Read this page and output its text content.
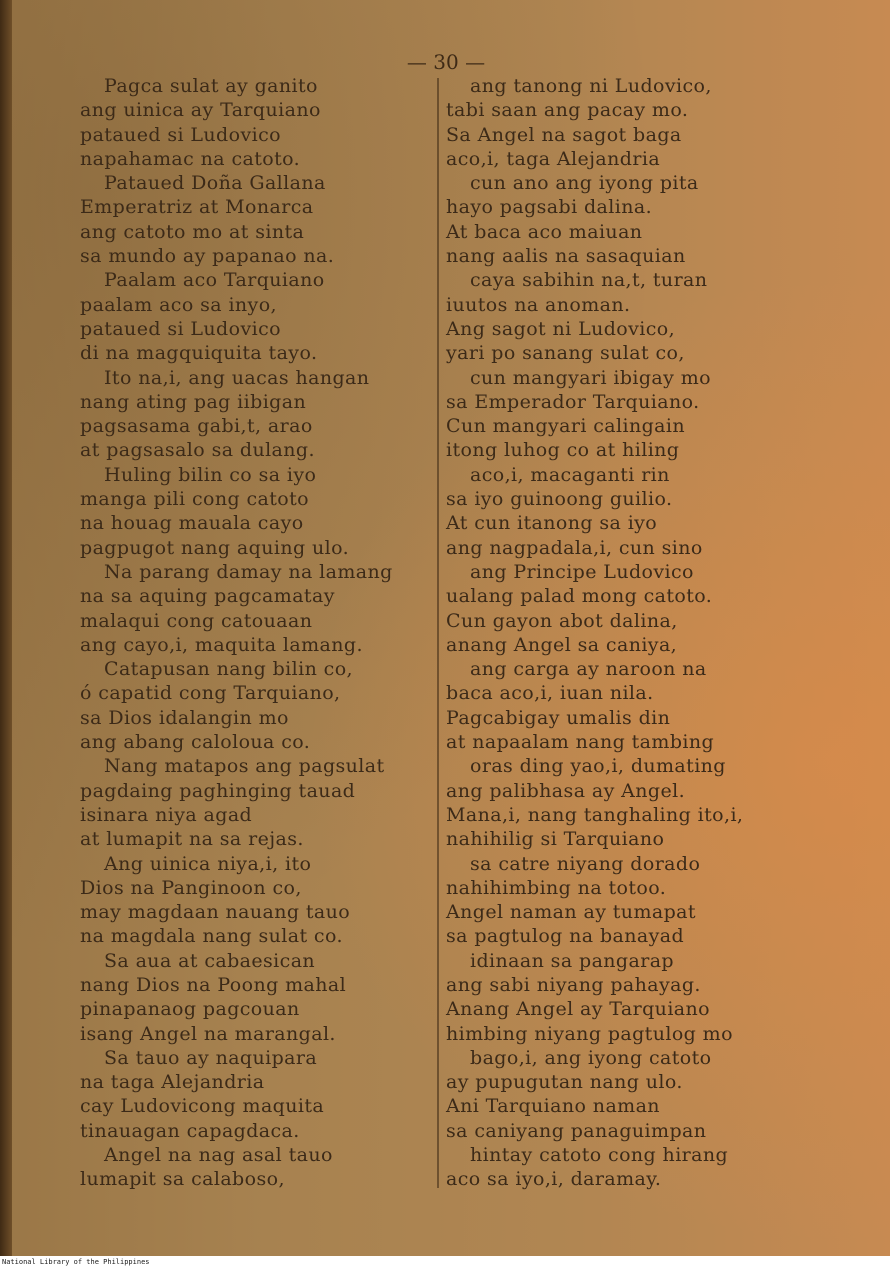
— 30 —
Pagca sulat ay ganito
ang uinica ay Tarquiano
pataued si Ludovico
napahamac na catoto.
Pataued Doña Gallana
Emperatriz at Monarca
ang catoto mo at sinta
sa mundo ay papanao na.
Paalam aco Tarquiano
paalam aco sa inyo,
pataued si Ludovico
di na magquiquita tayo.
Ito na,i, ang uacas hangan
nang ating pag iibigan
pagsasama gabi,t, arao
at pagsasalo sa dulang.
Huling bilin co sa iyo
manga pili cong catoto
na houag mauala cayo
pagpugot nang aquing ulo.
Na parang damay na lamang
na sa aquing pagcamatay
malaqui cong catouaan
ang cayo,i, maquita lamang.
Catapusan nang bilin co,
ó capatid cong Tarquiano,
sa Dios idalangin mo
ang abang caloloua co.
Nang matapos ang pagsulat
pagdaing paghinging tauad
isinara niya agad
at lumapit na sa rejas.
Ang uinica niya,i, ito
Dios na Panginoon co,
may magdaan nauang tauo
na magdala nang sulat co.
Sa aua at cabaesican
nang Dios na Poong mahal
pinapanaog pagcouan
isang Angel na marangal.
Sa tauo ay naquipara
na taga Alejandria
cay Ludovicong maquita
tinauagan capagdaca.
Angel na nag asal tauo
lumapit sa calaboso,
ang tanong ni Ludovico,
tabi saan ang pacay mo.
Sa Angel na sagot baga
aco,i, taga Alejandria
cun ano ang iyong pita
hayo pagsabi dalina.
At baca aco maiuan
nang aalis na sasaquian
caya sabihin na,t, turan
iuutos na anoman.
Ang sagot ni Ludovico,
yari po sanang sulat co,
cun mangyari ibigay mo
sa Emperador Tarquiano.
Cun mangyari calingain
itong luhog co at hiling
aco,i, macaganti rin
sa iyo guinoong guilio.
At cun itanong sa iyo
ang nagpadala,i, cun sino
ang Principe Ludovico
ualang palad mong catoto.
Cun gayon abot dalina,
anang Angel sa caniya,
ang carga ay naroon na
baca aco,i, iuan nila.
Pagcabigay umalis din
at napaalam nang tambing
oras ding yao,i, dumating
ang palibhasa ay Angel.
Mana,i, nang tanghaling ito,i,
nahihilig si Tarquiano
sa catre niyang dorado
nahihimbing na totoo.
Angel naman ay tumapat
sa pagtulog na banayad
idinaan sa pangarap
ang sabi niyang pahayag.
Anang Angel ay Tarquiano
himbing niyang pagtulog mo
bago,i, ang iyong catoto
ay pupugutan nang ulo.
Ani Tarquiano naman
sa caniyang panaguimpan
hintay catoto cong hirang
aco sa iyo,i, daramay.
National Library of the Philippines
